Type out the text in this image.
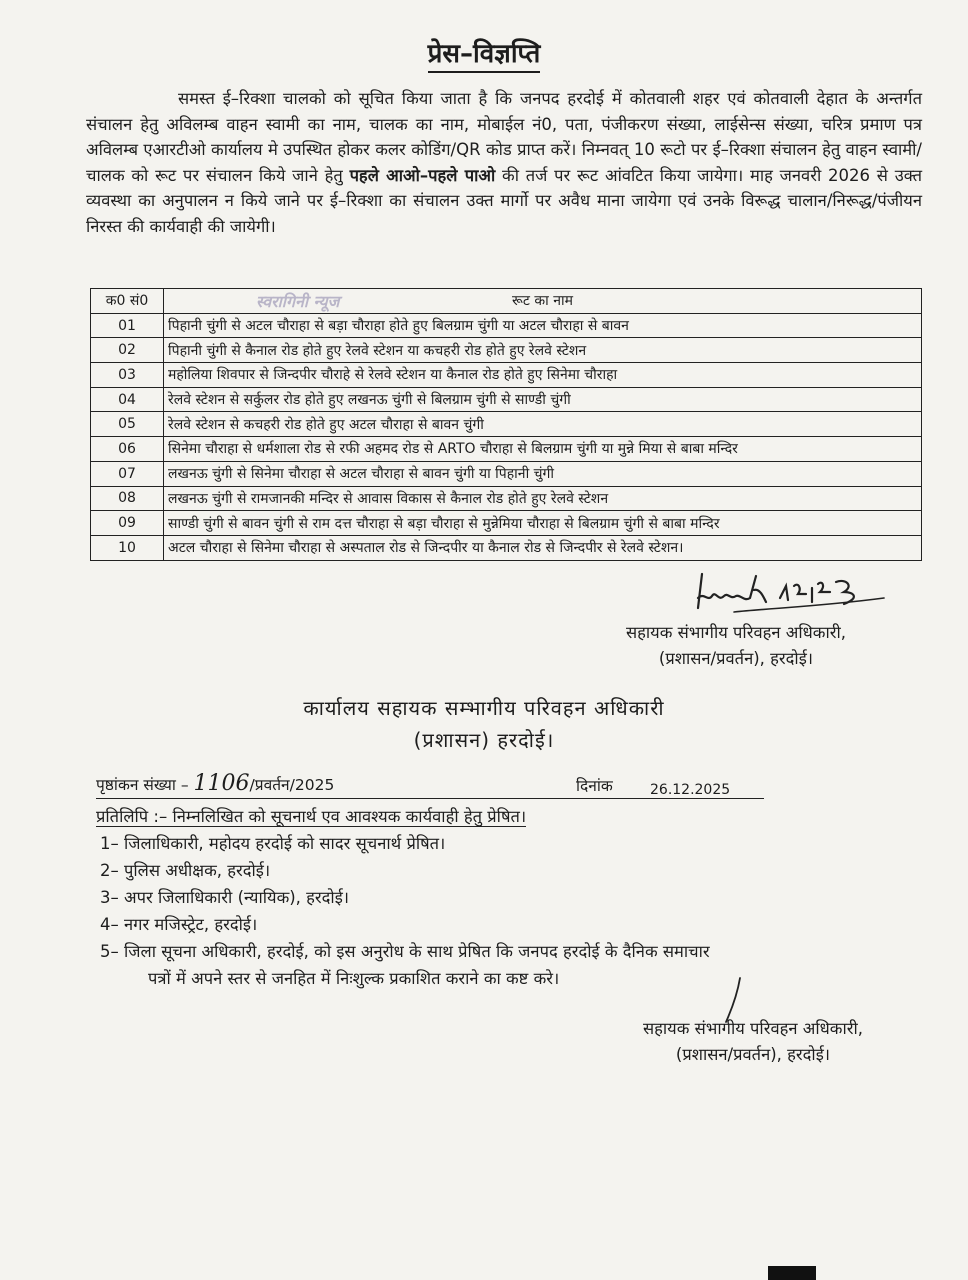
प्रेस–विज्ञप्ति
समस्त ई–रिक्शा चालको को सूचित किया जाता है कि जनपद हरदोई में कोतवाली शहर एवं कोतवाली देहात के अन्तर्गत संचालन हेतु अविलम्ब वाहन स्वामी का नाम, चालक का नाम, मोबाईल नं0, पता, पंजीकरण संख्या, लाईसेन्स संख्या, चरित्र प्रमाण पत्र अविलम्ब एआरटीओ कार्यालय मे उपस्थित होकर कलर कोडिंग/QR कोड प्राप्त करें। निम्नवत् 10 रूटो पर ई–रिक्शा संचालन हेतु वाहन स्वामी/चालक को रूट पर संचालन किये जाने हेतु पहले आओ–पहले पाओ की तर्ज पर रूट आंवटित किया जायेगा। माह जनवरी 2026 से उक्त व्यवस्था का अनुपालन न किये जाने पर ई–रिक्शा का संचालन उक्त मार्गो पर अवैध माना जायेगा एवं उनके विरूद्ध चालान/निरूद्ध/पंजीयन निरस्त की कार्यवाही की जायेगी।
क0 सं0	स्वरागिनी न्यूज रूट का नाम
01	पिहानी चुंगी से अटल चौराहा से बड़ा चौराहा होते हुए बिलग्राम चुंगी या अटल चौराहा से बावन
02	पिहानी चुंगी से कैनाल रोड होते हुए रेलवे स्टेशन या कचहरी रोड होते हुए रेलवे स्टेशन
03	महोलिया शिवपार से जिन्दपीर चौराहे से रेलवे स्टेशन या कैनाल रोड होते हुए सिनेमा चौराहा
04	रेलवे स्टेशन से सर्कुलर रोड होते हुए लखनऊ चुंगी से बिलग्राम चुंगी से साण्डी चुंगी
05	रेलवे स्टेशन से कचहरी रोड होते हुए अटल चौराहा से बावन चुंगी
06	सिनेमा चौराहा से धर्मशाला रोड से रफी अहमद रोड से ARTO चौराहा से बिलग्राम चुंगी या मुन्ने मिया से बाबा मन्दिर
07	लखनऊ चुंगी से सिनेमा चौराहा से अटल चौराहा से बावन चुंगी या पिहानी चुंगी
08	लखनऊ चुंगी से रामजानकी मन्दिर से आवास विकास से कैनाल रोड होते हुए रेलवे स्टेशन
09	साण्डी चुंगी से बावन चुंगी से राम दत्त चौराहा से बड़ा चौराहा से मुन्नेमिया चौराहा से बिलग्राम चुंगी से बाबा मन्दिर
10	अटल चौराहा से सिनेमा चौराहा से अस्पताल रोड से जिन्दपीर या कैनाल रोड से जिन्दपीर से रेलवे स्टेशन।
सहायक संभागीय परिवहन अधिकारी,
(प्रशासन/प्रवर्तन), हरदोई।
कार्यालय सहायक सम्भागीय परिवहन अधिकारी
(प्रशासन) हरदोई।
पृष्ठांकन संख्या – 1106/प्रवर्तन/2025	दिनांक	26.12.2025
प्रतिलिपि :– निम्नलिखित को सूचनार्थ एव आवश्यक कार्यवाही हेतु प्रेषित।
1– जिलाधिकारी, महोदय हरदोई को सादर सूचनार्थ प्रेषित।
2– पुलिस अधीक्षक, हरदोई।
3– अपर जिलाधिकारी (न्यायिक), हरदोई।
4– नगर मजिस्ट्रेट, हरदोई।
5– जिला सूचना अधिकारी, हरदोई, को इस अनुरोध के साथ प्रेषित कि जनपद हरदोई के दैनिक समाचार
पत्रों में अपने स्तर से जनहित में निःशुल्क प्रकाशित कराने का कष्ट करे।
सहायक संभागीय परिवहन अधिकारी,
(प्रशासन/प्रवर्तन), हरदोई।
